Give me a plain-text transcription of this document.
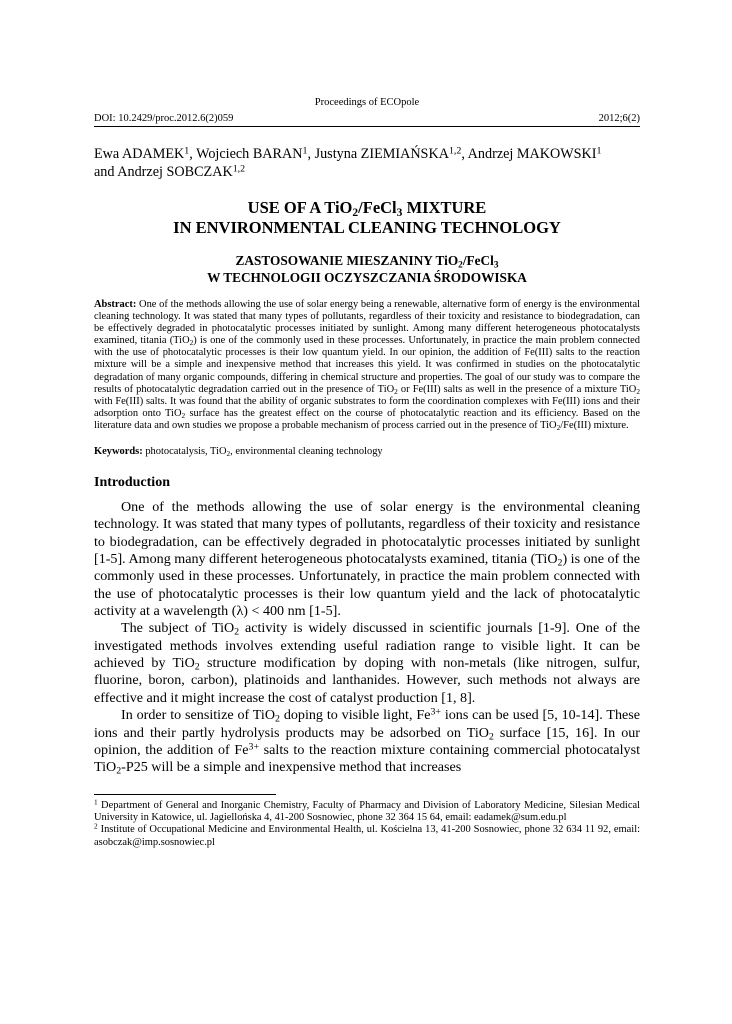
Proceedings of ECOpole
DOI: 10.2429/proc.2012.6(2)059	2012;6(2)
Ewa ADAMEK$^1$, Wojciech BARAN$^1$, Justyna ZIEMIAŃSKA$^{1,2}$, Andrzej MAKOWSKI$^1$
and Andrzej SOBCZAK$^{1,2}$
USE OF A TiO$_2$/FeCl$_3$ MIXTURE
IN ENVIRONMENTAL CLEANING TECHNOLOGY
ZASTOSOWANIE MIESZANINY TiO$_2$/FeCl$_3$
W TECHNOLOGII OCZYSZCZANIA ŚRODOWISKA
Abstract: One of the methods allowing the use of solar energy being a renewable, alternative form of energy is the environmental cleaning technology. It was stated that many types of pollutants, regardless of their toxicity and resistance to biodegradation, can be effectively degraded in photocatalytic processes initiated by sunlight. Among many different heterogeneous photocatalysts examined, titania (TiO$_2$) is one of the commonly used in these processes. Unfortunately, in practice the main problem connected with the use of photocatalytic processes is their low quantum yield. In our opinion, the addition of Fe(III) salts to the reaction mixture will be a simple and inexpensive method that increases this yield. It was confirmed in studies on the photocatalytic degradation of many organic compounds, differing in chemical structure and properties. The goal of our study was to compare the results of photocatalytic degradation carried out in the presence of TiO$_2$ or Fe(III) salts as well in the presence of a mixture TiO$_2$ with Fe(III) salts. It was found that the ability of organic substrates to form the coordination complexes with Fe(III) ions and their adsorption onto TiO$_2$ surface has the greatest effect on the course of photocatalytic reaction and its efficiency. Based on the literature data and own studies we propose a probable mechanism of process carried out in the presence of TiO$_2$/Fe(III) mixture.
Keywords: photocatalysis, TiO$_2$, environmental cleaning technology
Introduction

One of the methods allowing the use of solar energy is the environmental cleaning technology. It was stated that many types of pollutants, regardless of their toxicity and resistance to biodegradation, can be effectively degraded in photocatalytic processes initiated by sunlight [1-5]. Among many different heterogeneous photocatalysts examined, titania (TiO$_2$) is one of the commonly used in these processes. Unfortunately, in practice the main problem connected with the use of photocatalytic processes is their low quantum yield and the lack of photocatalytic activity at a wavelength (λ) < 400 nm [1-5].

The subject of TiO$_2$ activity is widely discussed in scientific journals [1-9]. One of the investigated methods involves extending useful radiation range to visible light. It can be achieved by TiO$_2$ structure modification by doping with non-metals (like nitrogen, sulfur, fluorine, boron, carbon), platinoids and lanthanides. However, such methods not always are effective and it might increase the cost of catalyst production [1, 8].

In order to sensitize of TiO$_2$ doping to visible light, $Fe^{3+}$ ions can be used [5, 10-14]. These ions and their partly hydrolysis products may be adsorbed on TiO$_2$ surface [15, 16]. In our opinion, the addition of $Fe^{3+}$ salts to the reaction mixture containing commercial photocatalyst TiO$_2$-P25 will be a simple and inexpensive method that increases

$^1$ Department of General and Inorganic Chemistry, Faculty of Pharmacy and Division of Laboratory Medicine, Silesian Medical University in Katowice, ul. Jagiellońska 4, 41-200 Sosnowiec, phone 32 364 15 64, email: eadamek@sum.edu.pl

$^2$ Institute of Occupational Medicine and Environmental Health, ul. Kościelna 13, 41-200 Sosnowiec, phone 32 634 11 92, email: asobczak@imp.sosnowiec.pl
